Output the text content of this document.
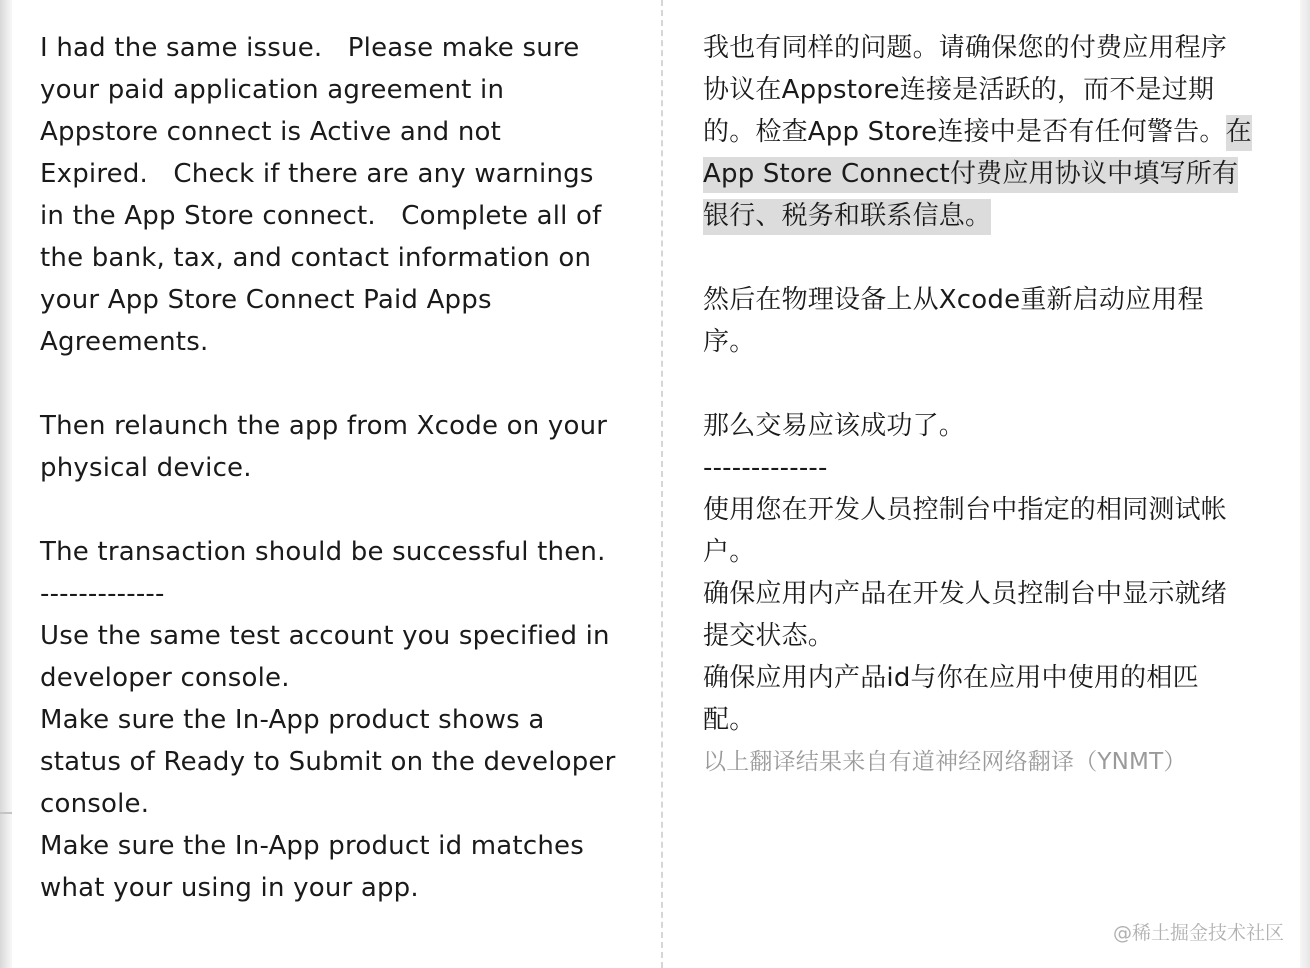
I had the same issue.   Please make sure
your paid application agreement in
Appstore connect is Active and not
Expired.   Check if there are any warnings
in the App Store connect.   Complete all of
the bank, tax, and contact information on
your App Store Connect Paid Apps
Agreements.
Then relaunch the app from Xcode on your
physical device.
The transaction should be successful then.
-------------
Use the same test account you specified in
developer console.
Make sure the In-App product shows a
status of Ready to Submit on the developer
console.
Make sure the In-App product id matches
what your using in your app.
我也有同样的问题。请确保您的付费应用程序
协议在Appstore连接是活跃的，而不是过期
的。检查App Store连接中是否有任何警告。在
App Store Connect付费应用协议中填写所有
银行、税务和联系信息。
然后在物理设备上从Xcode重新启动应用程
序。
那么交易应该成功了。
-------------
使用您在开发人员控制台中指定的相同测试帐
户。
确保应用内产品在开发人员控制台中显示就绪
提交状态。
确保应用内产品id与你在应用中使用的相匹
配。
以上翻译结果来自有道神经网络翻译（YNMT）
@稀土掘金技术社区
